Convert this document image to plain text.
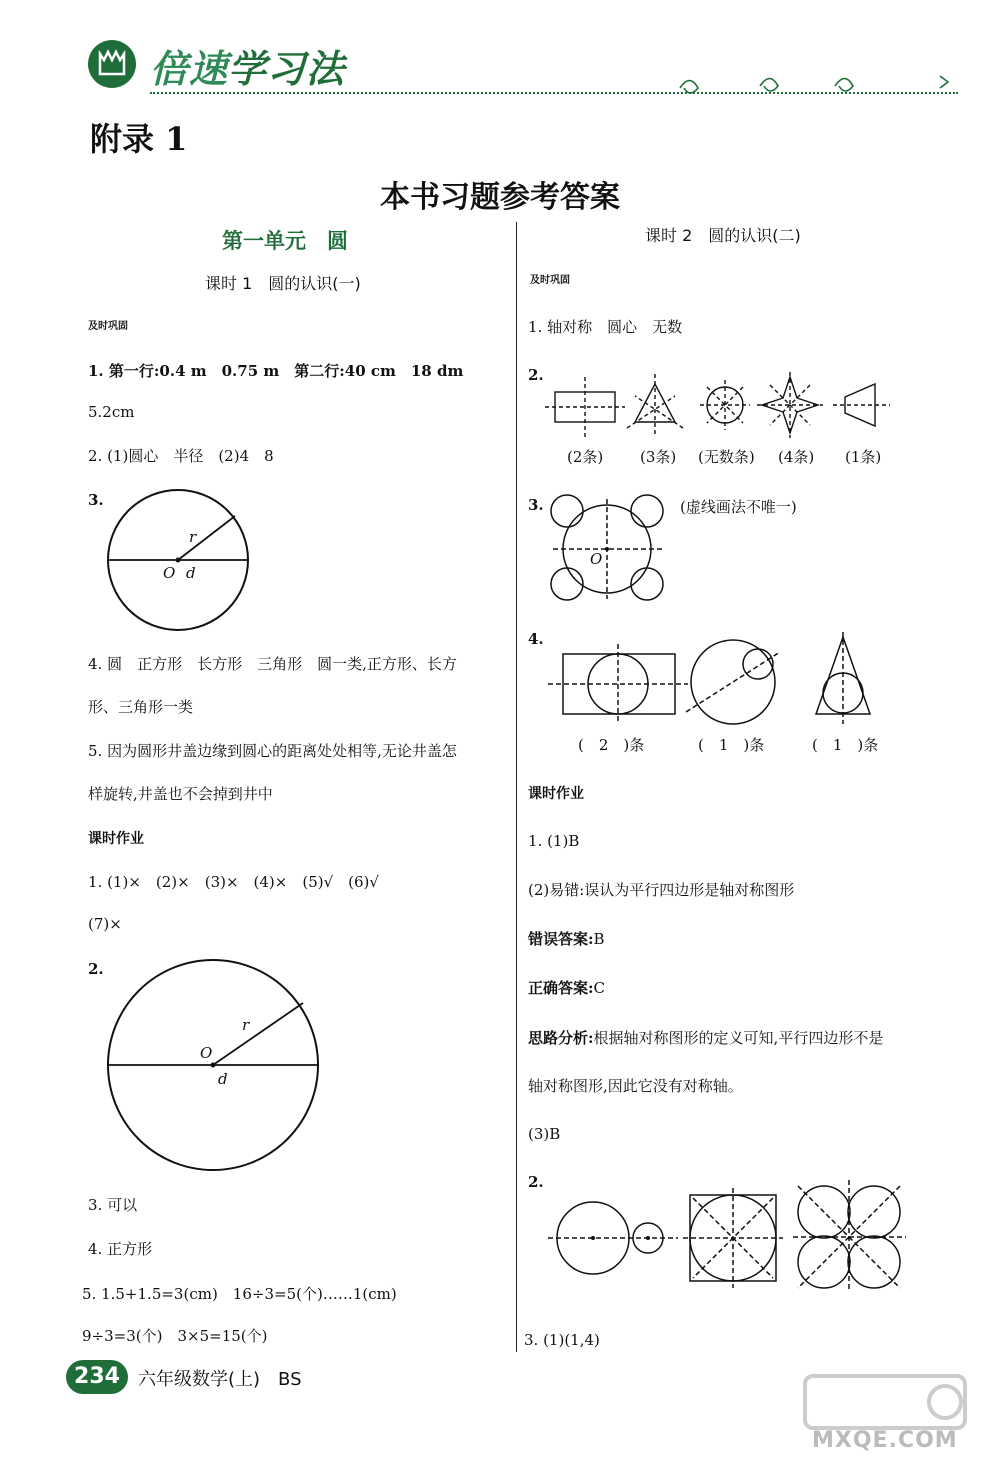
倍速学习法
附录 1
本书习题参考答案
第一单元　圆
课时 1　圆的认识(一)
及时巩固
1. 第一行:0.4 m　0.75 m　第二行:40 cm　18 dm
5.2cm
2. (1)圆心　半径　(2)4　8
3.
r
O d
4. 圆　正方形　长方形　三角形　圆一类,正方形、长方
形、三角形一类
5. 因为圆形井盖边缘到圆心的距离处处相等,无论井盖怎
样旋转,井盖也不会掉到井中
课时作业
1. (1)×　(2)×　(3)×　(4)×　(5)√　(6)√
(7)×
2.
r
O
d
3. 可以
4. 正方形
5. 1.5+1.5=3(cm)　16÷3=5(个)……1(cm)
9÷3=3(个)　3×5=15(个)
课时 2　圆的认识(二)
及时巩固
1. 轴对称　圆心　无数
2.
(2条) (3条) (无数条) (4条) (1条)
3.	(虚线画法不唯一)
O
4.
(　2　)条	(　1　)条	(　1　)条
课时作业
1. (1)B
(2)易错:误认为平行四边形是轴对称图形
错误答案:B
正确答案:C
思路分析:根据轴对称图形的定义可知,平行四边形不是
轴对称图形,因此它没有对称轴。
(3)B
2.
3. (1)(1,4)
234	六年级数学(上)　BS
MXQE.COM
